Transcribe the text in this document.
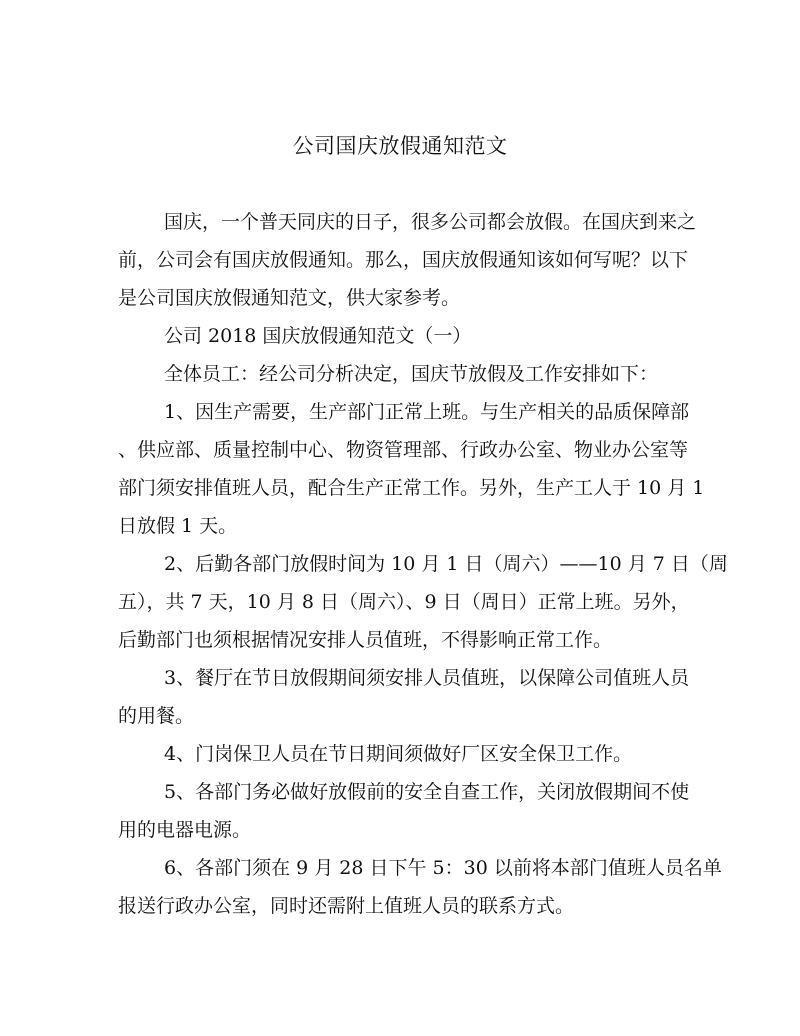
公司国庆放假通知范文

国庆，一个普天同庆的日子，很多公司都会放假。在国庆到来之
前，公司会有国庆放假通知。那么，国庆放假通知该如何写呢？以下
是公司国庆放假通知范文，供大家参考。

公司 2018 国庆放假通知范文（一）

全体员工：经公司分析决定，国庆节放假及工作安排如下：

1、因生产需要，生产部门正常上班。与生产相关的品质保障部
、供应部、质量控制中心、物资管理部、行政办公室、物业办公室等
部门须安排值班人员，配合生产正常工作。另外，生产工人于 10 月 1
日放假 1 天。

2、后勤各部门放假时间为 10 月 1 日（周六）——10 月 7 日（周
五），共 7 天，10 月 8 日（周六）、9 日（周日）正常上班。另外，
后勤部门也须根据情况安排人员值班，不得影响正常工作。

3、餐厅在节日放假期间须安排人员值班，以保障公司值班人员
的用餐。

4、门岗保卫人员在节日期间须做好厂区安全保卫工作。

5、各部门务必做好放假前的安全自查工作，关闭放假期间不使
用的电器电源。

6、各部门须在 9 月 28 日下午 5：30 以前将本部门值班人员名单
报送行政办公室，同时还需附上值班人员的联系方式。
